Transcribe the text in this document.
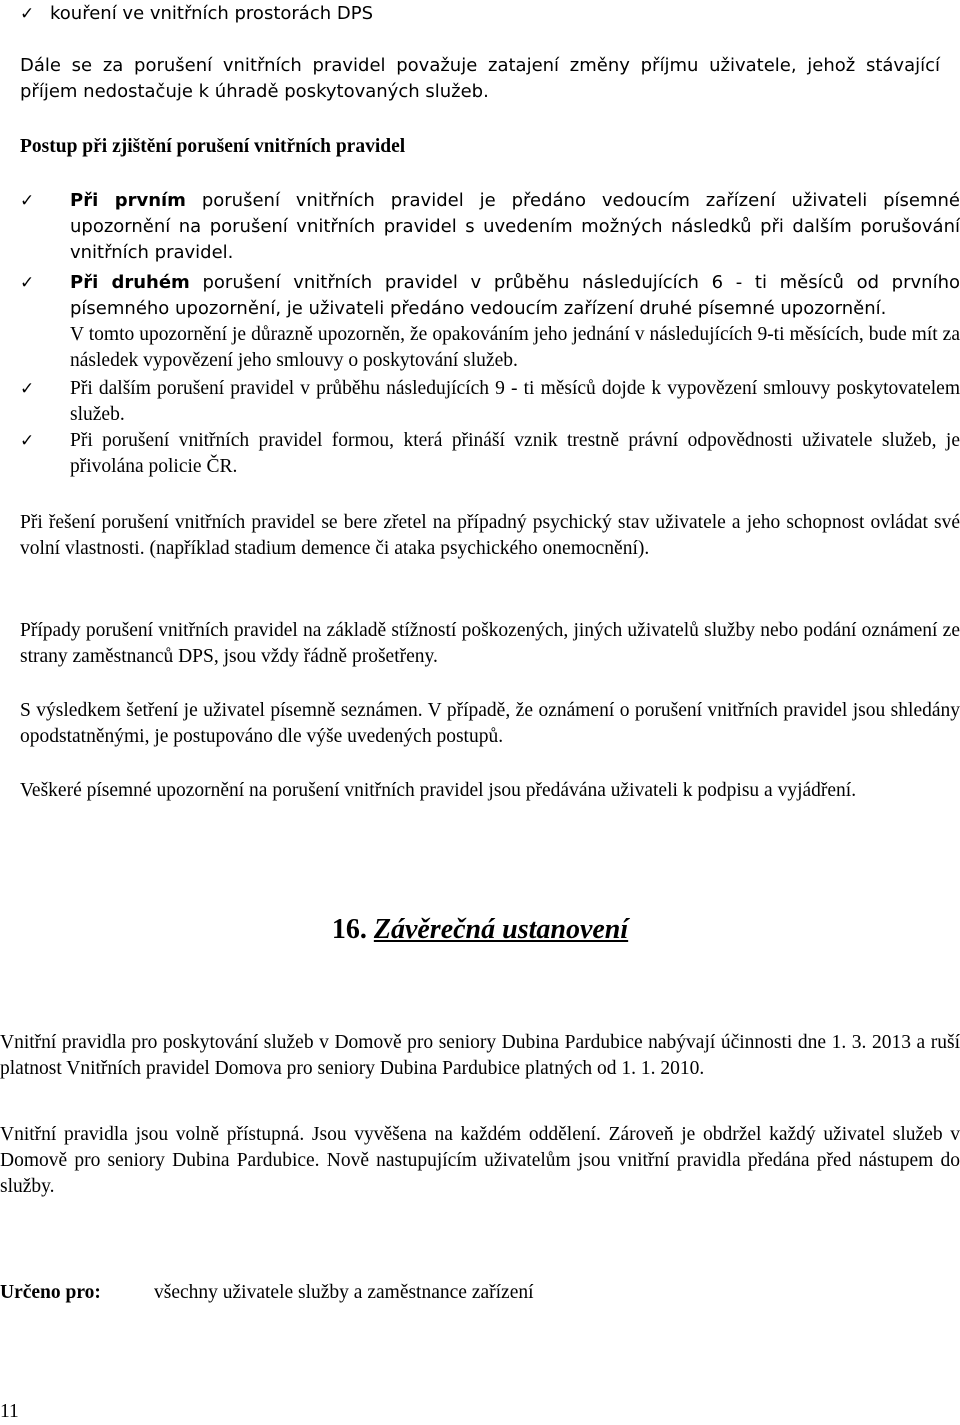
✓ kouření ve vnitřních prostorách DPS

Dále se za porušení vnitřních pravidel považuje zatajení změny příjmu uživatele, jehož stávající příjem nedostačuje k úhradě poskytovaných služeb.

Postup při zjištění porušení vnitřních pravidel

✓ Při prvním porušení vnitřních pravidel je předáno vedoucím zařízení uživateli písemné upozornění na porušení vnitřních pravidel s uvedením možných následků při dalším porušování vnitřních pravidel.

✓ Při druhém porušení vnitřních pravidel v průběhu následujících 6 - ti měsíců od prvního písemného upozornění, je uživateli předáno vedoucím zařízení druhé písemné upozornění.

V tomto upozornění je důrazně upozorněn, že opakováním jeho jednání v následujících 9-ti měsících, bude mít za následek vypovězení jeho smlouvy o poskytování služeb.

✓ Při dalším porušení pravidel v průběhu následujících 9 - ti měsíců dojde k vypovězení smlouvy poskytovatelem služeb.

✓ Při porušení vnitřních pravidel formou, která přináší vznik trestně právní odpovědnosti uživatele služeb, je přivolána policie ČR.

Při řešení porušení vnitřních pravidel se bere zřetel na případný psychický stav uživatele a jeho schopnost ovládat své volní vlastnosti. (například stadium demence či ataka psychického onemocnění).

Případy porušení vnitřních pravidel na základě stížností poškozených, jiných uživatelů služby nebo podání oznámení ze strany zaměstnanců DPS, jsou vždy řádně prošetřeny.

S výsledkem šetření je uživatel písemně seznámen. V případě, že oznámení o porušení vnitřních pravidel jsou shledány opodstatněnými, je postupováno dle výše uvedených postupů.

Veškeré písemné upozornění na porušení vnitřních pravidel jsou předávána uživateli k podpisu a vyjádření.

16. Závěrečná ustanovení

Vnitřní pravidla pro poskytování služeb v Domově pro seniory Dubina Pardubice nabývají účinnosti dne 1. 3. 2013 a ruší platnost Vnitřních pravidel Domova pro seniory Dubina Pardubice platných od 1. 1. 2010.

Vnitřní pravidla jsou volně přístupná. Jsou vyvěšena na každém oddělení. Zároveň je obdržel každý uživatel služeb v Domově pro seniory Dubina Pardubice. Nově nastupujícím uživatelům jsou vnitřní pravidla předána před nástupem do služby.

Určeno pro:	všechny uživatele služby a zaměstnance zařízení
11
